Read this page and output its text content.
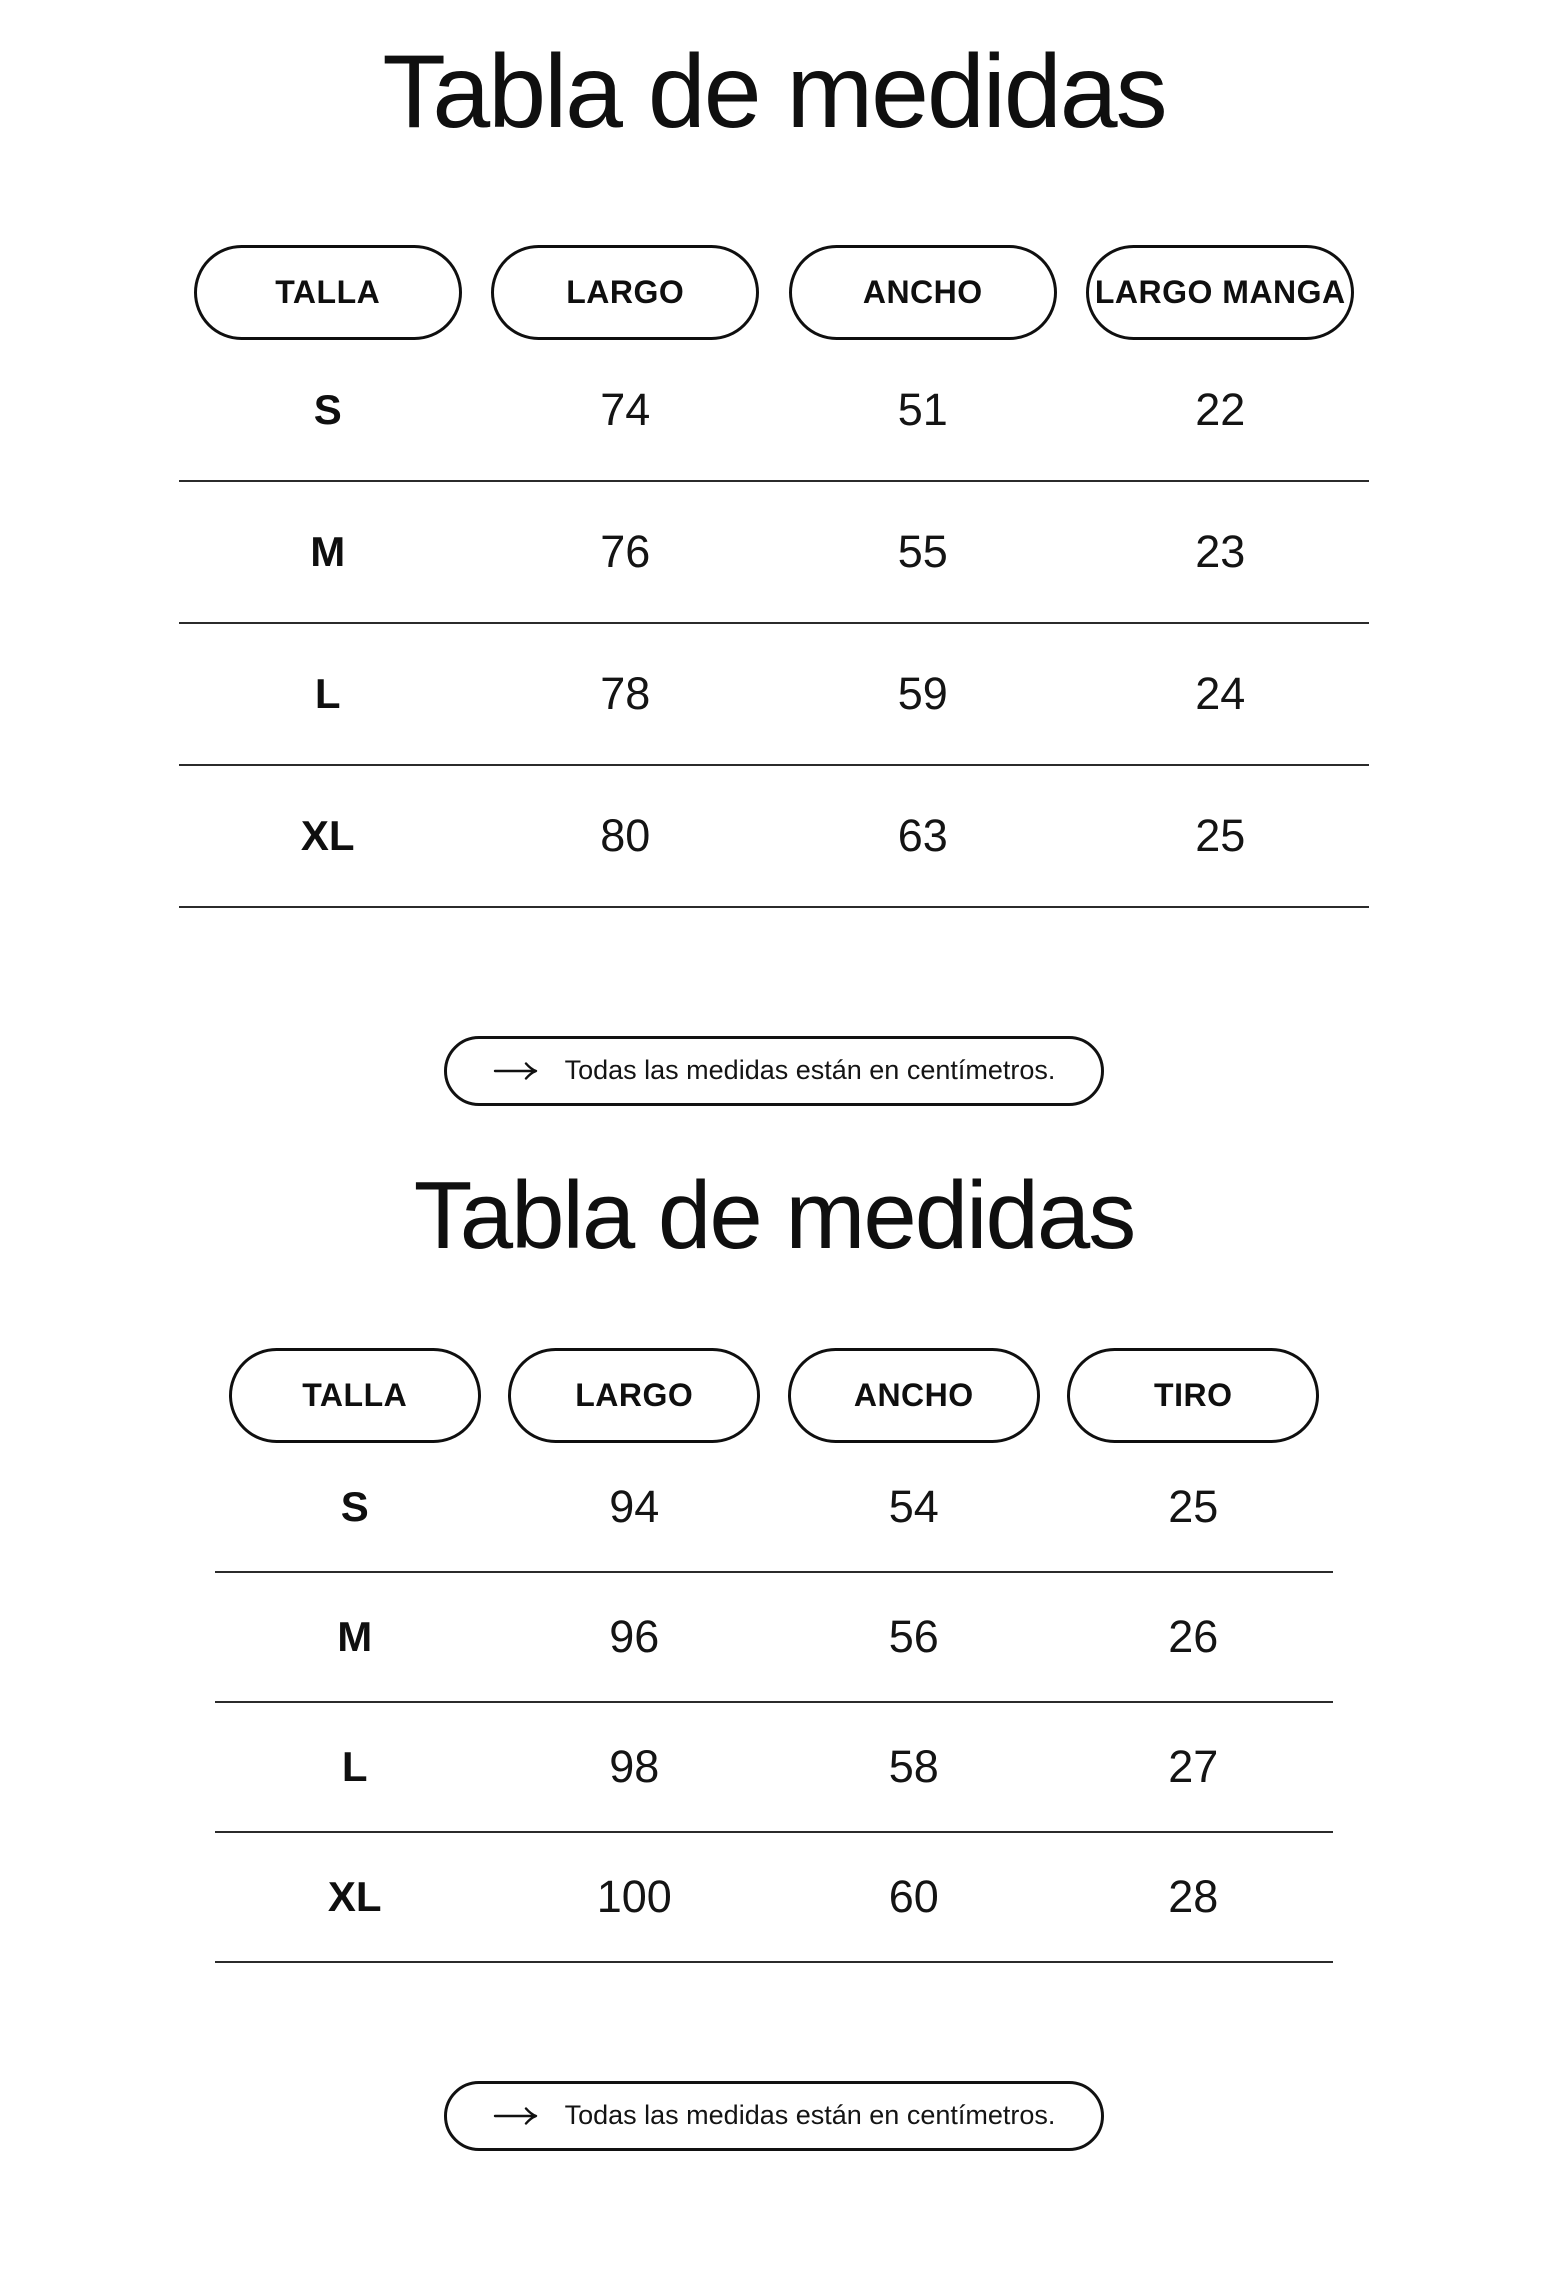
Tabla de medidas
TALLA	LARGO	ANCHO	LARGO MANGA
S	74	51	22
M	76	55	23
L	78	59	24
XL	80	63	25
Todas las medidas están en centímetros.
Tabla de medidas
TALLA	LARGO	ANCHO	TIRO
S	94	54	25
M	96	56	26
L	98	58	27
XL	100	60	28
Todas las medidas están en centímetros.
